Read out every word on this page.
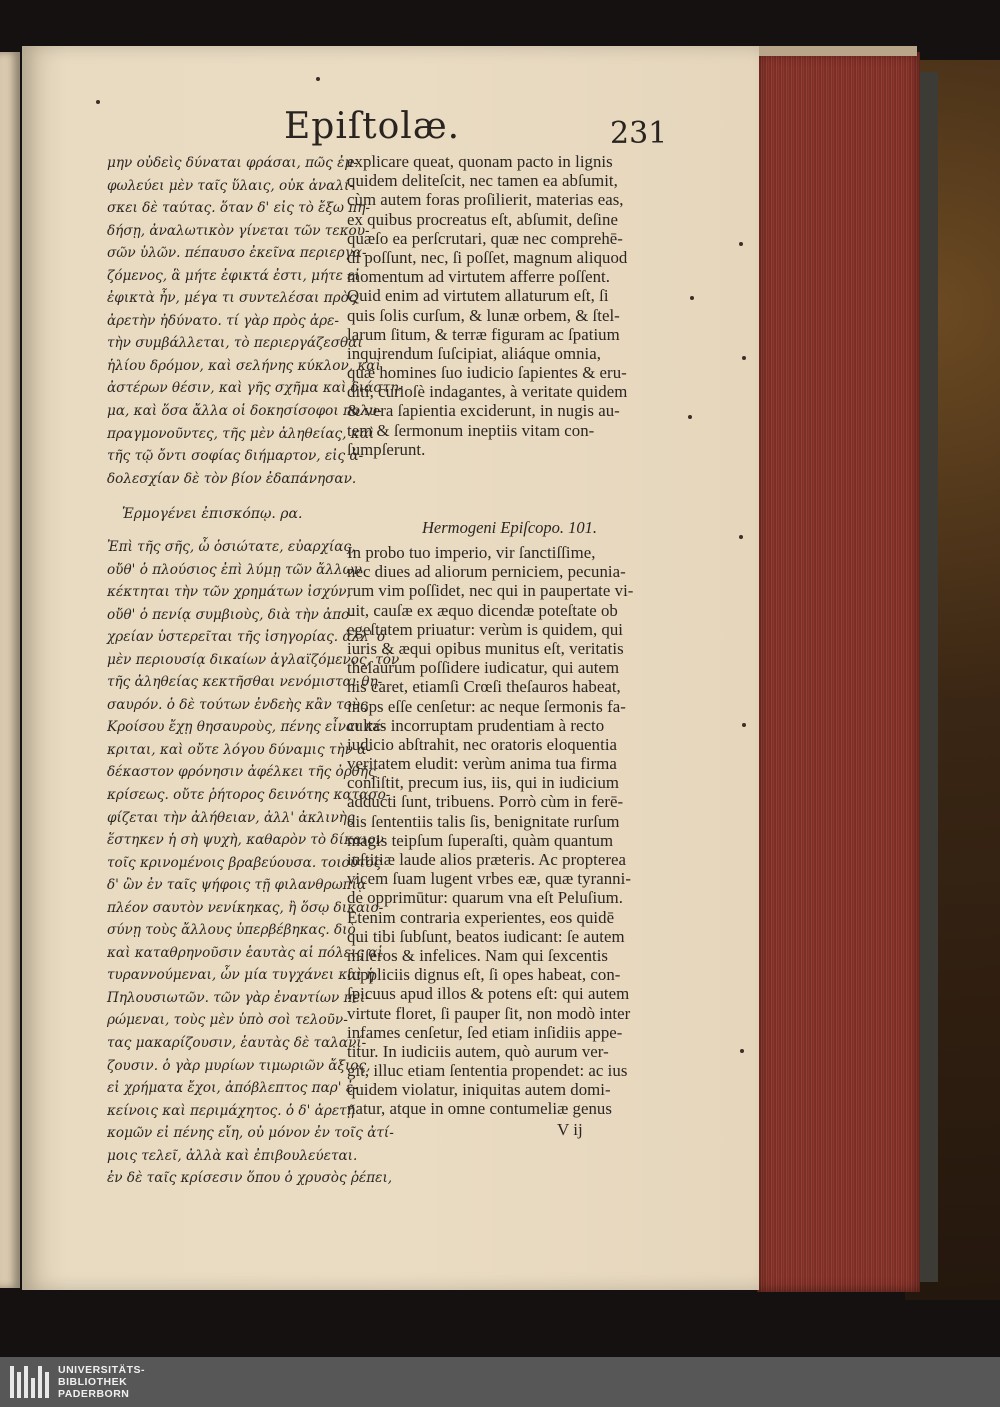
Epiſtolæ.	231
μην οὐδεὶς δύναται φράσαι, πῶς ἐμ-
φωλεύει μὲν ταῖς ὕλαις, οὐκ ἀναλί-
σκει δὲ ταύτας. ὅταν δ' εἰς τὸ ἔξω πη-
δήσῃ, ἀναλωτικὸν γίνεται τῶν τεκου-
σῶν ὑλῶν. πέπαυσο ἐκεῖνα περιεργα-
ζόμενος, ἃ μήτε ἐφικτά ἐστι, μήτε εἰ
ἐφικτὰ ἦν, μέγα τι συντελέσαι πρὸς
ἀρετὴν ἠδύνατο. τί γὰρ πρὸς ἀρε-
τὴν συμβάλλεται, τὸ περιεργάζεσθαι
ἡλίου δρόμον, καὶ σελήνης κύκλον, καὶ
ἀστέρων θέσιν, καὶ γῆς σχῆμα καὶ διάστη-
μα, καὶ ὅσα ἄλλα οἱ δοκησίσοφοι πολυ-
πραγμονοῦντες, τῆς μὲν ἀληθείας, καὶ
τῆς τῷ ὄντι σοφίας διήμαρτον, εἰς ἀ-
δολεσχίαν δὲ τὸν βίον ἐδαπάνησαν.
Ἑρμογένει ἐπισκόπῳ. ρα.
Ἐπὶ τῆς σῆς, ὦ ὁσιώτατε, εὐαρχίας,
οὔθ' ὁ πλούσιος ἐπὶ λύμῃ τῶν ἄλλων
κέκτηται τὴν τῶν χρημάτων ἰσχύν,
οὔθ' ὁ πενίᾳ συμβιοὺς, διὰ τὴν ἀπο-
χρείαν ὑστερεῖται τῆς ἰσηγορίας. ἀλλ' ὁ
μὲν περιουσίᾳ δικαίων ἀγλαϊζόμενος, τὸν
τῆς ἀληθείας κεκτῆσθαι νενόμισται θη-
σαυρόν. ὁ δὲ τούτων ἐνδεὴς κἂν τοὺς
Κροίσου ἔχῃ θησαυροὺς, πένης εἶναι κέ-
κριται, καὶ οὔτε λόγου δύναμις τὴν ἀ-
δέκαστον φρόνησιν ἀφέλκει τῆς ὀρθῆς
κρίσεως. οὔτε ῥήτορος δεινότης κατασο-
φίζεται τὴν ἀλήθειαν, ἀλλ' ἀκλινὴς
ἕστηκεν ἡ σὴ ψυχὴ, καθαρὸν τὸ δίκαιον
τοῖς κρινομένοις βραβεύουσα. τοιοῦτος
δ' ὢν ἐν ταῖς ψήφοις τῇ φιλανθρωπίᾳ
πλέον σαυτὸν νενίκηκας, ἢ ὅσῳ δικαιο-
σύνῃ τοὺς ἄλλους ὑπερβέβηκας. διὸ
καὶ καταθρηνοῦσιν ἑαυτὰς αἱ πόλεις αἱ
τυραννούμεναι, ὧν μία τυγχάνει καὶ ἡ
Πηλουσιωτῶν. τῶν γὰρ ἐναντίων πει-
ρώμεναι, τοὺς μὲν ὑπὸ σοὶ τελοῦν-
τας μακαρίζουσιν, ἑαυτὰς δὲ ταλανί-
ζουσιν. ὁ γὰρ μυρίων τιμωριῶν ἄξιος,
εἰ χρήματα ἔχοι, ἀπόβλεπτος παρ' ἐ-
κείνοις καὶ περιμάχητος. ὁ δ' ἀρετῇ
κομῶν εἰ πένης εἴη, οὐ μόνον ἐν τοῖς ἀτί-
μοις τελεῖ, ἀλλὰ καὶ ἐπιβουλεύεται.
ἐν δὲ ταῖς κρίσεσιν ὅπου ὁ χρυσὸς ῥέπει,
explicare queat, quonam pacto in lignis
quidem deliteſcit, nec tamen ea abſumit,
cùm autem foras proſilierit, materias eas,
ex quibus procreatus eſt, abſumit, deſine
quæſo ea perſcrutari, quæ nec comprehē-
di poſſunt, nec, ſi poſſet, magnum aliquod
momentum ad virtutem afferre poſſent.
Quid enim ad virtutem allaturum eſt, ſi
quis ſolis curſum, & lunæ orbem, & ſtel-
larum ſitum, & terræ figuram ac ſpatium
inquirendum ſuſcipiat, aliáque omnia,
quæ homines ſuo iudicio ſapientes & eru-
diti, curioſè indagantes, à veritate quidem
& vera ſapientia exciderunt, in nugis au-
tem & ſermonum ineptiis vitam con-
ſumpſerunt.
Hermogeni Epiſcopo. 101.
In probo tuo imperio, vir ſanctiſſime,
nec diues ad aliorum perniciem, pecunia-
rum vim poſſidet, nec qui in paupertate vi-
uit, cauſæ ex æquo dicendæ poteſtate ob
egeſtatem priuatur: verùm is quidem, qui
iuris & æqui opibus munitus eſt, veritatis
theſaurum poſſidere iudicatur, qui autem
his caret, etiamſi Crœſi theſauros habeat,
inops eſſe cenſetur: ac neque ſermonis fa-
cultas incorruptam prudentiam à recto
iudicio abſtrahit, nec oratoris eloquentia
veritatem eludit: verùm anima tua firma
conſiſtit, precum ius, iis, qui in iudicium
adducti ſunt, tribuens. Porrò cùm in ferē-
dis ſententiis talis ſis, benignitate rurſum
magis teipſum ſuperaſti, quàm quantum
iuſtitiæ laude alios præteris. Ac propterea
vicem ſuam lugent vrbes eæ, quæ tyranni-
de opprimūtur: quarum vna eſt Peluſium.
Etenim contraria experientes, eos quidē
qui tibi ſubſunt, beatos iudicant: ſe autem
miſeros & infelices. Nam qui ſexcentis
ſuppliciis dignus eſt, ſi opes habeat, con-
ſpicuus apud illos & potens eſt: qui autem
virtute floret, ſi pauper ſit, non modò inter
infames cenſetur, ſed etiam inſidiis appe-
titur. In iudiciis autem, quò aurum ver-
git, illuc etiam ſententia propendet: ac ius
quidem violatur, iniquitas autem domi-
natur, atque in omne contumeliæ genus
V ij
UNIVERSITÄTS-
BIBLIOTHEK
PADERBORN
